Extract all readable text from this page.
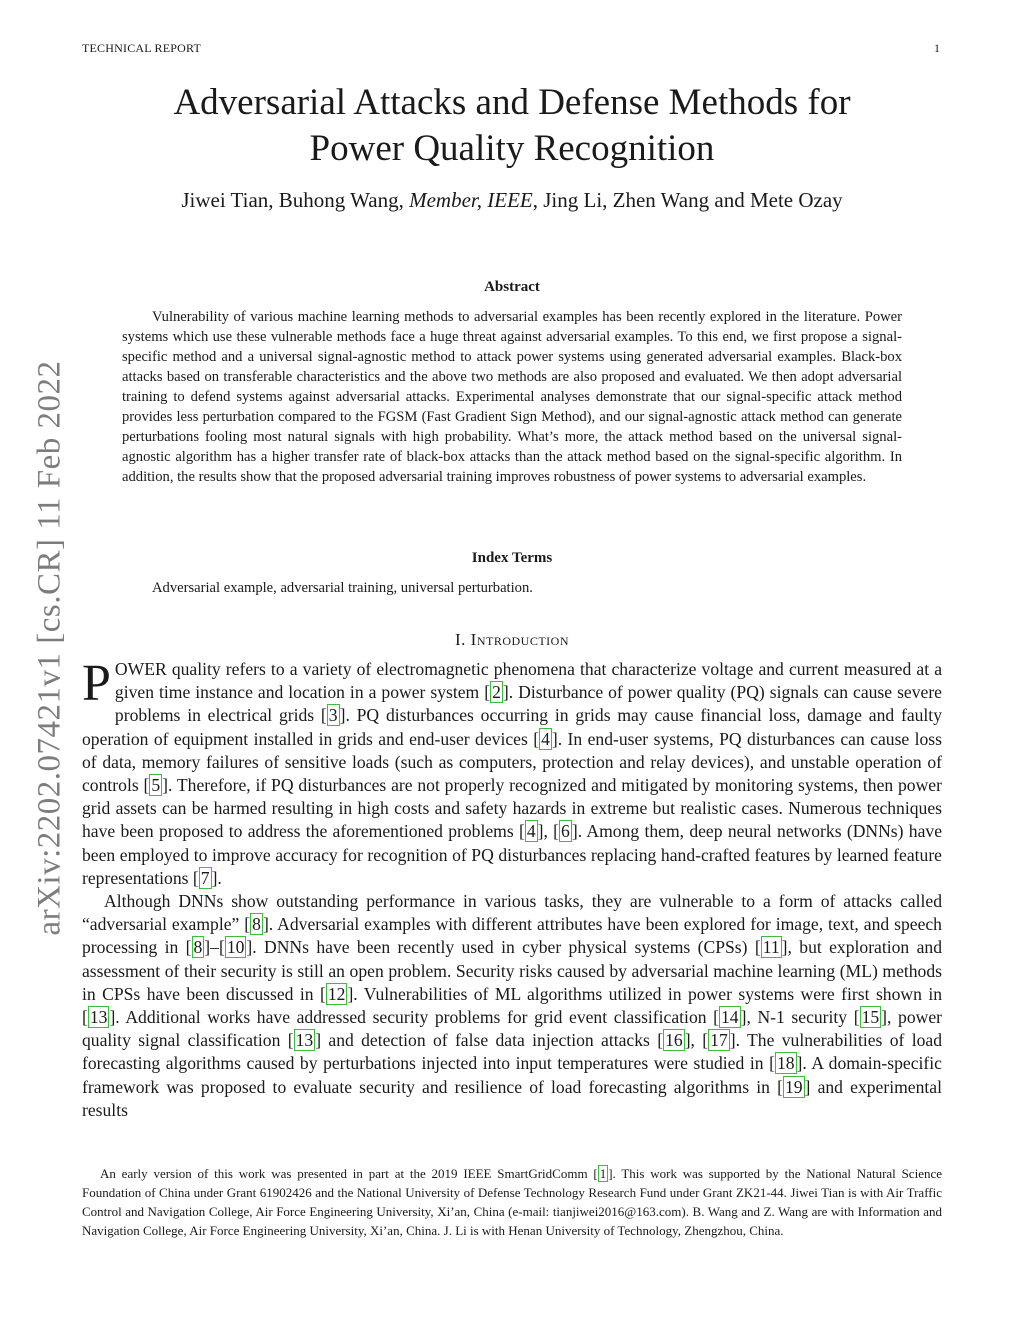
TECHNICAL REPORT	1
Adversarial Attacks and Defense Methods for
Power Quality Recognition
Jiwei Tian, Buhong Wang, Member, IEEE, Jing Li, Zhen Wang and Mete Ozay
arXiv:2202.07421v1 [cs.CR] 11 Feb 2022
Abstract
Vulnerability of various machine learning methods to adversarial examples has been recently explored in the literature. Power systems which use these vulnerable methods face a huge threat against adversarial examples. To this end, we first propose a signal-specific method and a universal signal-agnostic method to attack power systems using generated adversarial examples. Black-box attacks based on transferable characteristics and the above two methods are also proposed and evaluated. We then adopt adversarial training to defend systems against adversarial attacks. Experimental analyses demonstrate that our signal-specific attack method provides less perturbation compared to the FGSM (Fast Gradient Sign Method), and our signal-agnostic attack method can generate perturbations fooling most natural signals with high probability. What’s more, the attack method based on the universal signal-agnostic algorithm has a higher transfer rate of black-box attacks than the attack method based on the signal-specific algorithm. In addition, the results show that the proposed adversarial training improves robustness of power systems to adversarial examples.
Index Terms
Adversarial example, adversarial training, universal perturbation.
I. Introduction

POWER quality refers to a variety of electromagnetic phenomena that characterize voltage and current measured at a given time instance and location in a power system [ 2 ]. Disturbance of power quality (PQ) signals can cause severe problems in electrical grids [ 3 ]. PQ disturbances occurring in grids may cause financial loss, damage and faulty operation of equipment installed in grids and end-user devices [ 4 ]. In end-user systems, PQ disturbances can cause loss of data, memory failures of sensitive loads (such as computers, protection and relay devices), and unstable operation of controls [ 5 ]. Therefore, if PQ disturbances are not properly recognized and mitigated by monitoring systems, then power grid assets can be harmed resulting in high costs and safety hazards in extreme but realistic cases. Numerous techniques have been proposed to address the aforementioned problems [ 4 ], [ 6 ]. Among them, deep neural networks (DNNs) have been employed to improve accuracy for recognition of PQ disturbances replacing hand-crafted features by learned feature representations [ 7 ].

Although DNNs show outstanding performance in various tasks, they are vulnerable to a form of attacks called “adversarial example” [ 8 ]. Adversarial examples with different attributes have been explored for image, text, and speech processing in [ 8 ]–[ 10 ]. DNNs have been recently used in cyber physical systems (CPSs) [ 11 ], but exploration and assessment of their security is still an open problem. Security risks caused by adversarial machine learning (ML) methods in CPSs have been discussed in [ 12 ]. Vulnerabilities of ML algorithms utilized in power systems were first shown in [ 13 ]. Additional works have addressed security problems for grid event classification [ 14 ], N-1 security [ 15 ], power quality signal classification [ 13 ] and detection of false data injection attacks [ 16 ], [ 17 ]. The vulnerabilities of load forecasting algorithms caused by perturbations injected into input temperatures were studied in [ 18 ]. A domain-specific framework was proposed to evaluate security and resilience of load forecasting algorithms in [ 19 ] and experimental results

An early version of this work was presented in part at the 2019 IEEE SmartGridComm [ 1 ]. This work was supported by the National Natural Science Foundation of China under Grant 61902426 and the National University of Defense Technology Research Fund under Grant ZK21-44. Jiwei Tian is with Air Traffic Control and Navigation College, Air Force Engineering University, Xi’an, China (e-mail: tianjiwei2016@163.com). B. Wang and Z. Wang are with Information and Navigation College, Air Force Engineering University, Xi’an, China. J. Li is with Henan University of Technology, Zhengzhou, China.
